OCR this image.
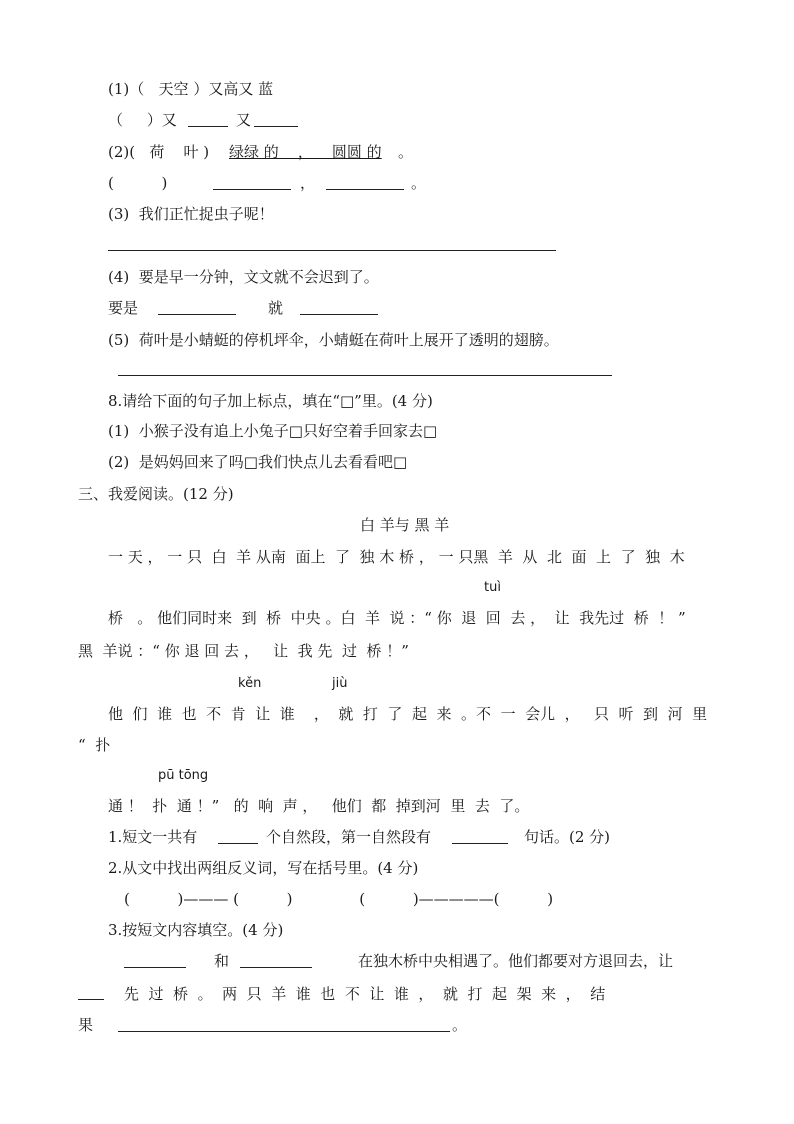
(1)（   天空 ）又高又 蓝
（     ）又	又
(2)(   荷    叶 ) 绿绿 的    ，    圆圆 的 。
(          )	，	。
(3)  我们正忙捉虫子呢！
(4)  要是早一分钟，文文就不会迟到了。
要是	就
(5)  荷叶是小蜻蜓的停机坪伞，小蜻蜓在荷叶上展开了透明的翅膀。
8.请给下面的句子加上标点，填在“□”里。(4 分)
(1)  小猴子没有追上小兔子□只好空着手回家去□
(2)  是妈妈回来了吗□我们快点儿去看看吧□
三、我爱阅读。(12 分)
白 羊与 黑 羊
一 天 ， 一 只  白  羊 从南  面上  了  独 木 桥 ， 一 只黑  羊  从  北  面  上  了  独  木
tuì
桥   。 他们同时来  到  桥  中央 。白  羊  说 ：“ 你  退  回  去 ，  让  我先过  桥  ！ ”
黑  羊说 ：“ 你 退 回 去 ，   让  我 先  过  桥 ！”
kěn	jiù
他  们  谁  也  不  肯  让  谁    ，  就  打  了  起  来  。不  一  会儿  ，   只  听  到  河  里
“  扑
pū tōng
通 ！  扑  通 ！”   的  响  声 ，   他们  都  掉到河  里  去  了。
1.短文一共有	个自然段，第一自然段有	句话。(2 分)
2.从文中找出两组反义词，写在括号里。(4 分)
(          )——— (          )              (          )—————(          )
3.按短文内容填空。(4 分)
和	在独木桥中央相遇了。他们都要对方退回去，让
先  过  桥  。  两  只  羊  谁  也  不  让  谁  ，  就  打  起  架  来  ，  结
果	。
